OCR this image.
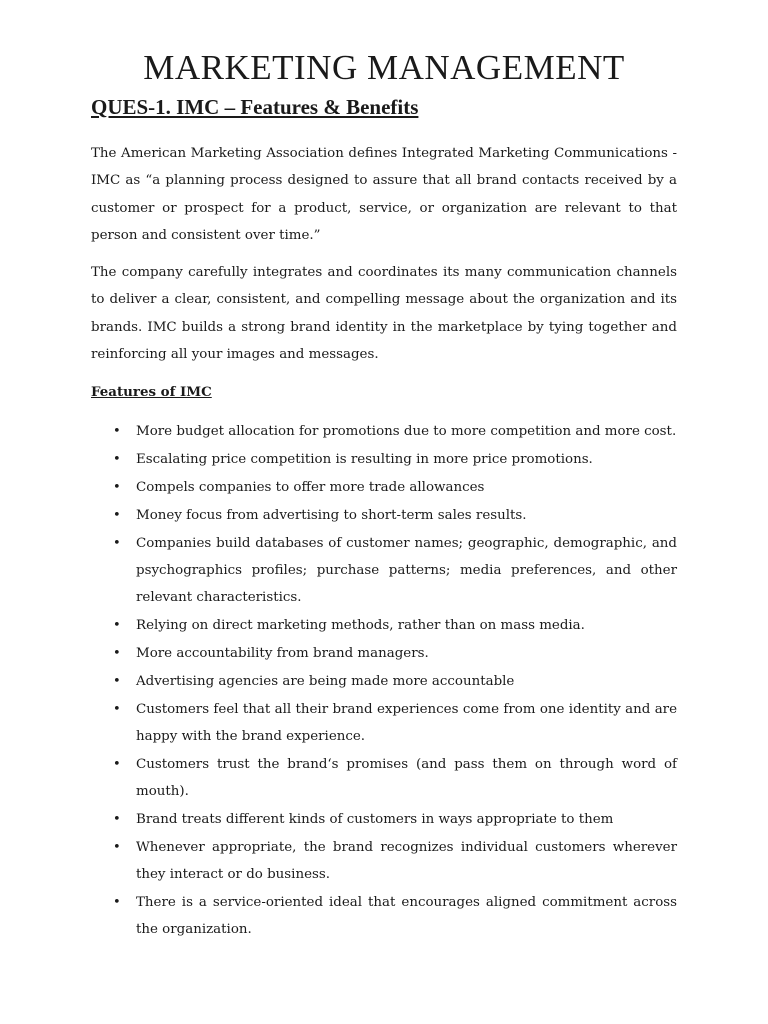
MARKETING MANAGEMENT
QUES-1. IMC – Features & Benefits

The American Marketing Association defines Integrated Marketing Communications - IMC as “a planning process designed to assure that all brand contacts received by a customer or prospect for a product, service, or organization are relevant to that person and consistent over time.”

The company carefully integrates and coordinates its many communication channels to deliver a clear, consistent, and compelling message about the organization and its brands. IMC builds a strong brand identity in the marketplace by tying together and reinforcing all your images and messages.

Features of IMC
• More budget allocation for promotions due to more competition and more cost.
• Escalating price competition is resulting in more price promotions.
• Compels companies to offer more trade allowances
• Money focus from advertising to short-term sales results.
• Companies build databases of customer names; geographic, demographic, and psychographics profiles; purchase patterns; media preferences, and other relevant characteristics.
• Relying on direct marketing methods, rather than on mass media.
• More accountability from brand managers.
• Advertising agencies are being made more accountable
• Customers feel that all their brand experiences come from one identity and are happy with the brand experience.
• Customers trust the brand‘s promises (and pass them on through word of mouth).
• Brand treats different kinds of customers in ways appropriate to them
• Whenever appropriate, the brand recognizes individual customers wherever they interact or do business.
• There is a service-oriented ideal that encourages aligned commitment across the organization.
